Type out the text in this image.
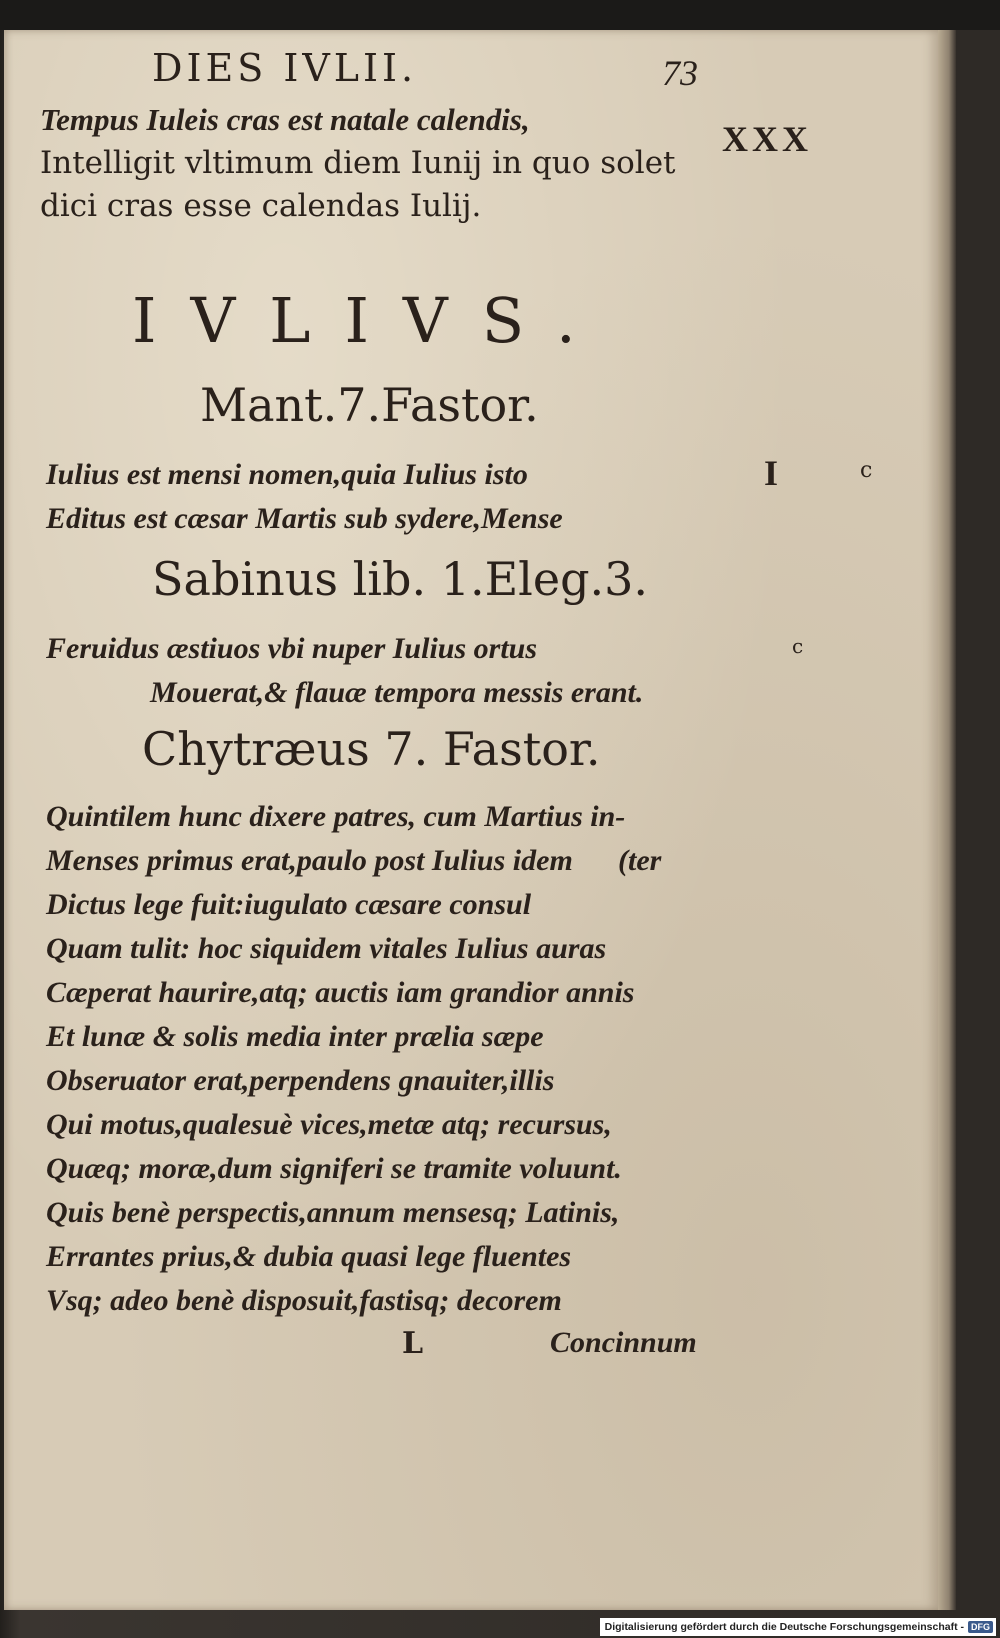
DIES IVLII.	73

XXX

Tempus Iuleis cras est natale calendis,

Intelligit vltimum diem Iunij in quo solet

dici cras esse calendas Iulij.

IVLIVS.

Mant.7.Fastor.

Iulius est mensi nomen,quia Iulius isto

Editus est cæsar Martis sub sydere,Mense

I	c

Sabinus lib. 1.Eleg.3.

Feruidus æstiuos vbi nuper Iulius ortus

Mouerat,& flauæ tempora messis erant.

c

Chytræus 7. Fastor.

Quintilem hunc dixere patres, cum Martius in-

Menses primus erat,paulo post Iulius idem (ter

Dictus lege fuit:iugulato cæsare consul

Quam tulit: hoc siquidem vitales Iulius auras

Cæperat haurire,atq; auctis iam grandior annis

Et lunæ & solis media inter prælia sæpe

Obseruator erat,perpendens gnauiter,illis

Qui motus,qualesuè vices,metæ atq; recursus,

Quæq; moræ,dum signiferi se tramite voluunt.

Quis benè perspectis,annum mensesq; Latinis,

Errantes prius,& dubia quasi lege fluentes

Vsq; adeo benè disposuit,fastisq; decorem

L	Concinnum

Digitalisierung gefördert durch die Deutsche Forschungsgemeinschaft - DFG
